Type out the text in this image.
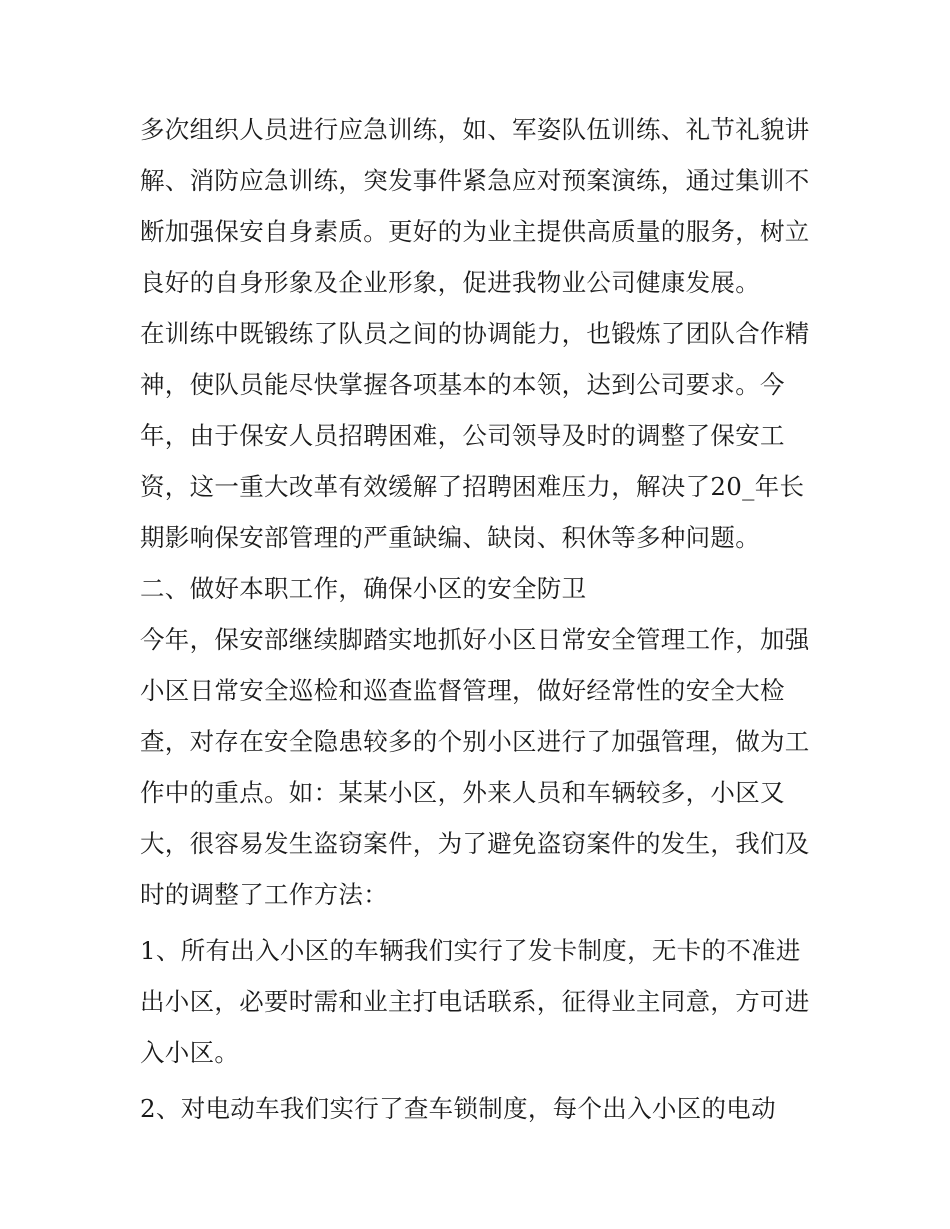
多次组织人员进行应急训练，如、军姿队伍训练、礼节礼貌讲
解、消防应急训练，突发事件紧急应对预案演练，通过集训不
断加强保安自身素质。更好的为业主提供高质量的服务，树立
良好的自身形象及企业形象，促进我物业公司健康发展。
在训练中既锻练了队员之间的协调能力，也锻炼了团队合作精
神，使队员能尽快掌握各项基本的本领，达到公司要求。今
年，由于保安人员招聘困难，公司领导及时的调整了保安工
资，这一重大改革有效缓解了招聘困难压力，解决了20_年长
期影响保安部管理的严重缺编、缺岗、积休等多种问题。
二、做好本职工作，确保小区的安全防卫
今年，保安部继续脚踏实地抓好小区日常安全管理工作，加强
小区日常安全巡检和巡查监督管理，做好经常性的安全大检
查，对存在安全隐患较多的个别小区进行了加强管理，做为工
作中的重点。如：某某小区，外来人员和车辆较多，小区又
大，很容易发生盗窃案件，为了避免盗窃案件的发生，我们及
时的调整了工作方法：
1、所有出入小区的车辆我们实行了发卡制度，无卡的不准进
出小区，必要时需和业主打电话联系，征得业主同意，方可进
入小区。
2、对电动车我们实行了查车锁制度，每个出入小区的电动
